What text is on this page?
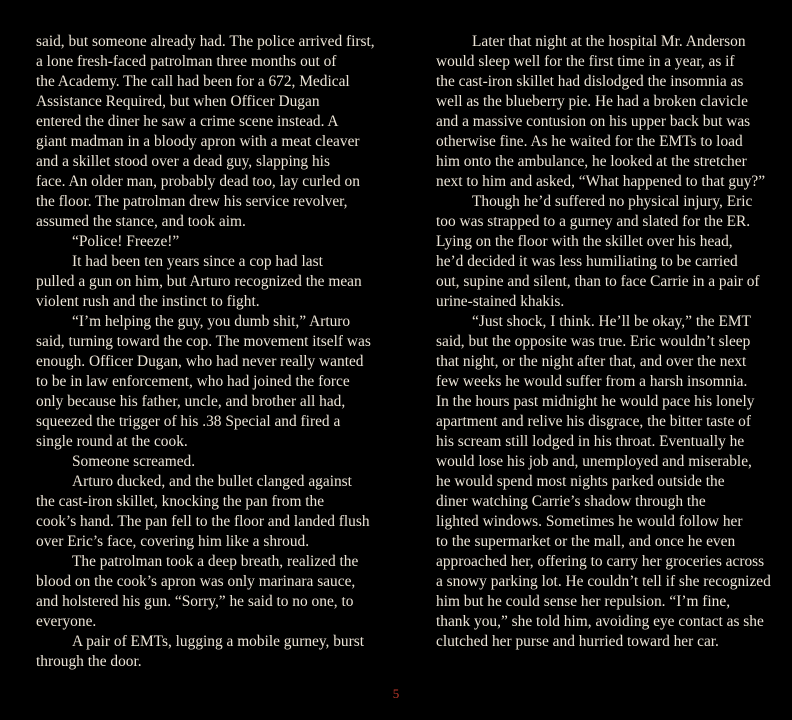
said, but someone already had. The police arrived first,
a lone fresh-faced patrolman three months out of
the Academy. The call had been for a 672, Medical
Assistance Required, but when Officer Dugan
entered the diner he saw a crime scene instead. A
giant madman in a bloody apron with a meat cleaver
and a skillet stood over a dead guy, slapping his
face. An older man, probably dead too, lay curled on
the floor. The patrolman drew his service revolver,
assumed the stance, and took aim.
“Police! Freeze!”
It had been ten years since a cop had last
pulled a gun on him, but Arturo recognized the mean
violent rush and the instinct to fight.
“I’m helping the guy, you dumb shit,” Arturo
said, turning toward the cop. The movement itself was
enough. Officer Dugan, who had never really wanted
to be in law enforcement, who had joined the force
only because his father, uncle, and brother all had,
squeezed the trigger of his .38 Special and fired a
single round at the cook.
Someone screamed.
Arturo ducked, and the bullet clanged against
the cast-iron skillet, knocking the pan from the
cook’s hand. The pan fell to the floor and landed flush
over Eric’s face, covering him like a shroud.
The patrolman took a deep breath, realized the
blood on the cook’s apron was only marinara sauce,
and holstered his gun. “Sorry,” he said to no one, to
everyone.
A pair of EMTs, lugging a mobile gurney, burst
through the door.
Later that night at the hospital Mr. Anderson
would sleep well for the first time in a year, as if
the cast-iron skillet had dislodged the insomnia as
well as the blueberry pie. He had a broken clavicle
and a massive contusion on his upper back but was
otherwise fine. As he waited for the EMTs to load
him onto the ambulance, he looked at the stretcher
next to him and asked, “What happened to that guy?”
Though he’d suffered no physical injury, Eric
too was strapped to a gurney and slated for the ER.
Lying on the floor with the skillet over his head,
he’d decided it was less humiliating to be carried
out, supine and silent, than to face Carrie in a pair of
urine-stained khakis.
“Just shock, I think. He’ll be okay,” the EMT
said, but the opposite was true. Eric wouldn’t sleep
that night, or the night after that, and over the next
few weeks he would suffer from a harsh insomnia.
In the hours past midnight he would pace his lonely
apartment and relive his disgrace, the bitter taste of
his scream still lodged in his throat. Eventually he
would lose his job and, unemployed and miserable,
he would spend most nights parked outside the
diner watching Carrie’s shadow through the
lighted windows. Sometimes he would follow her
to the supermarket or the mall, and once he even
approached her, offering to carry her groceries across
a snowy parking lot. He couldn’t tell if she recognized
him but he could sense her repulsion. “I’m fine,
thank you,” she told him, avoiding eye contact as she
clutched her purse and hurried toward her car.
5
